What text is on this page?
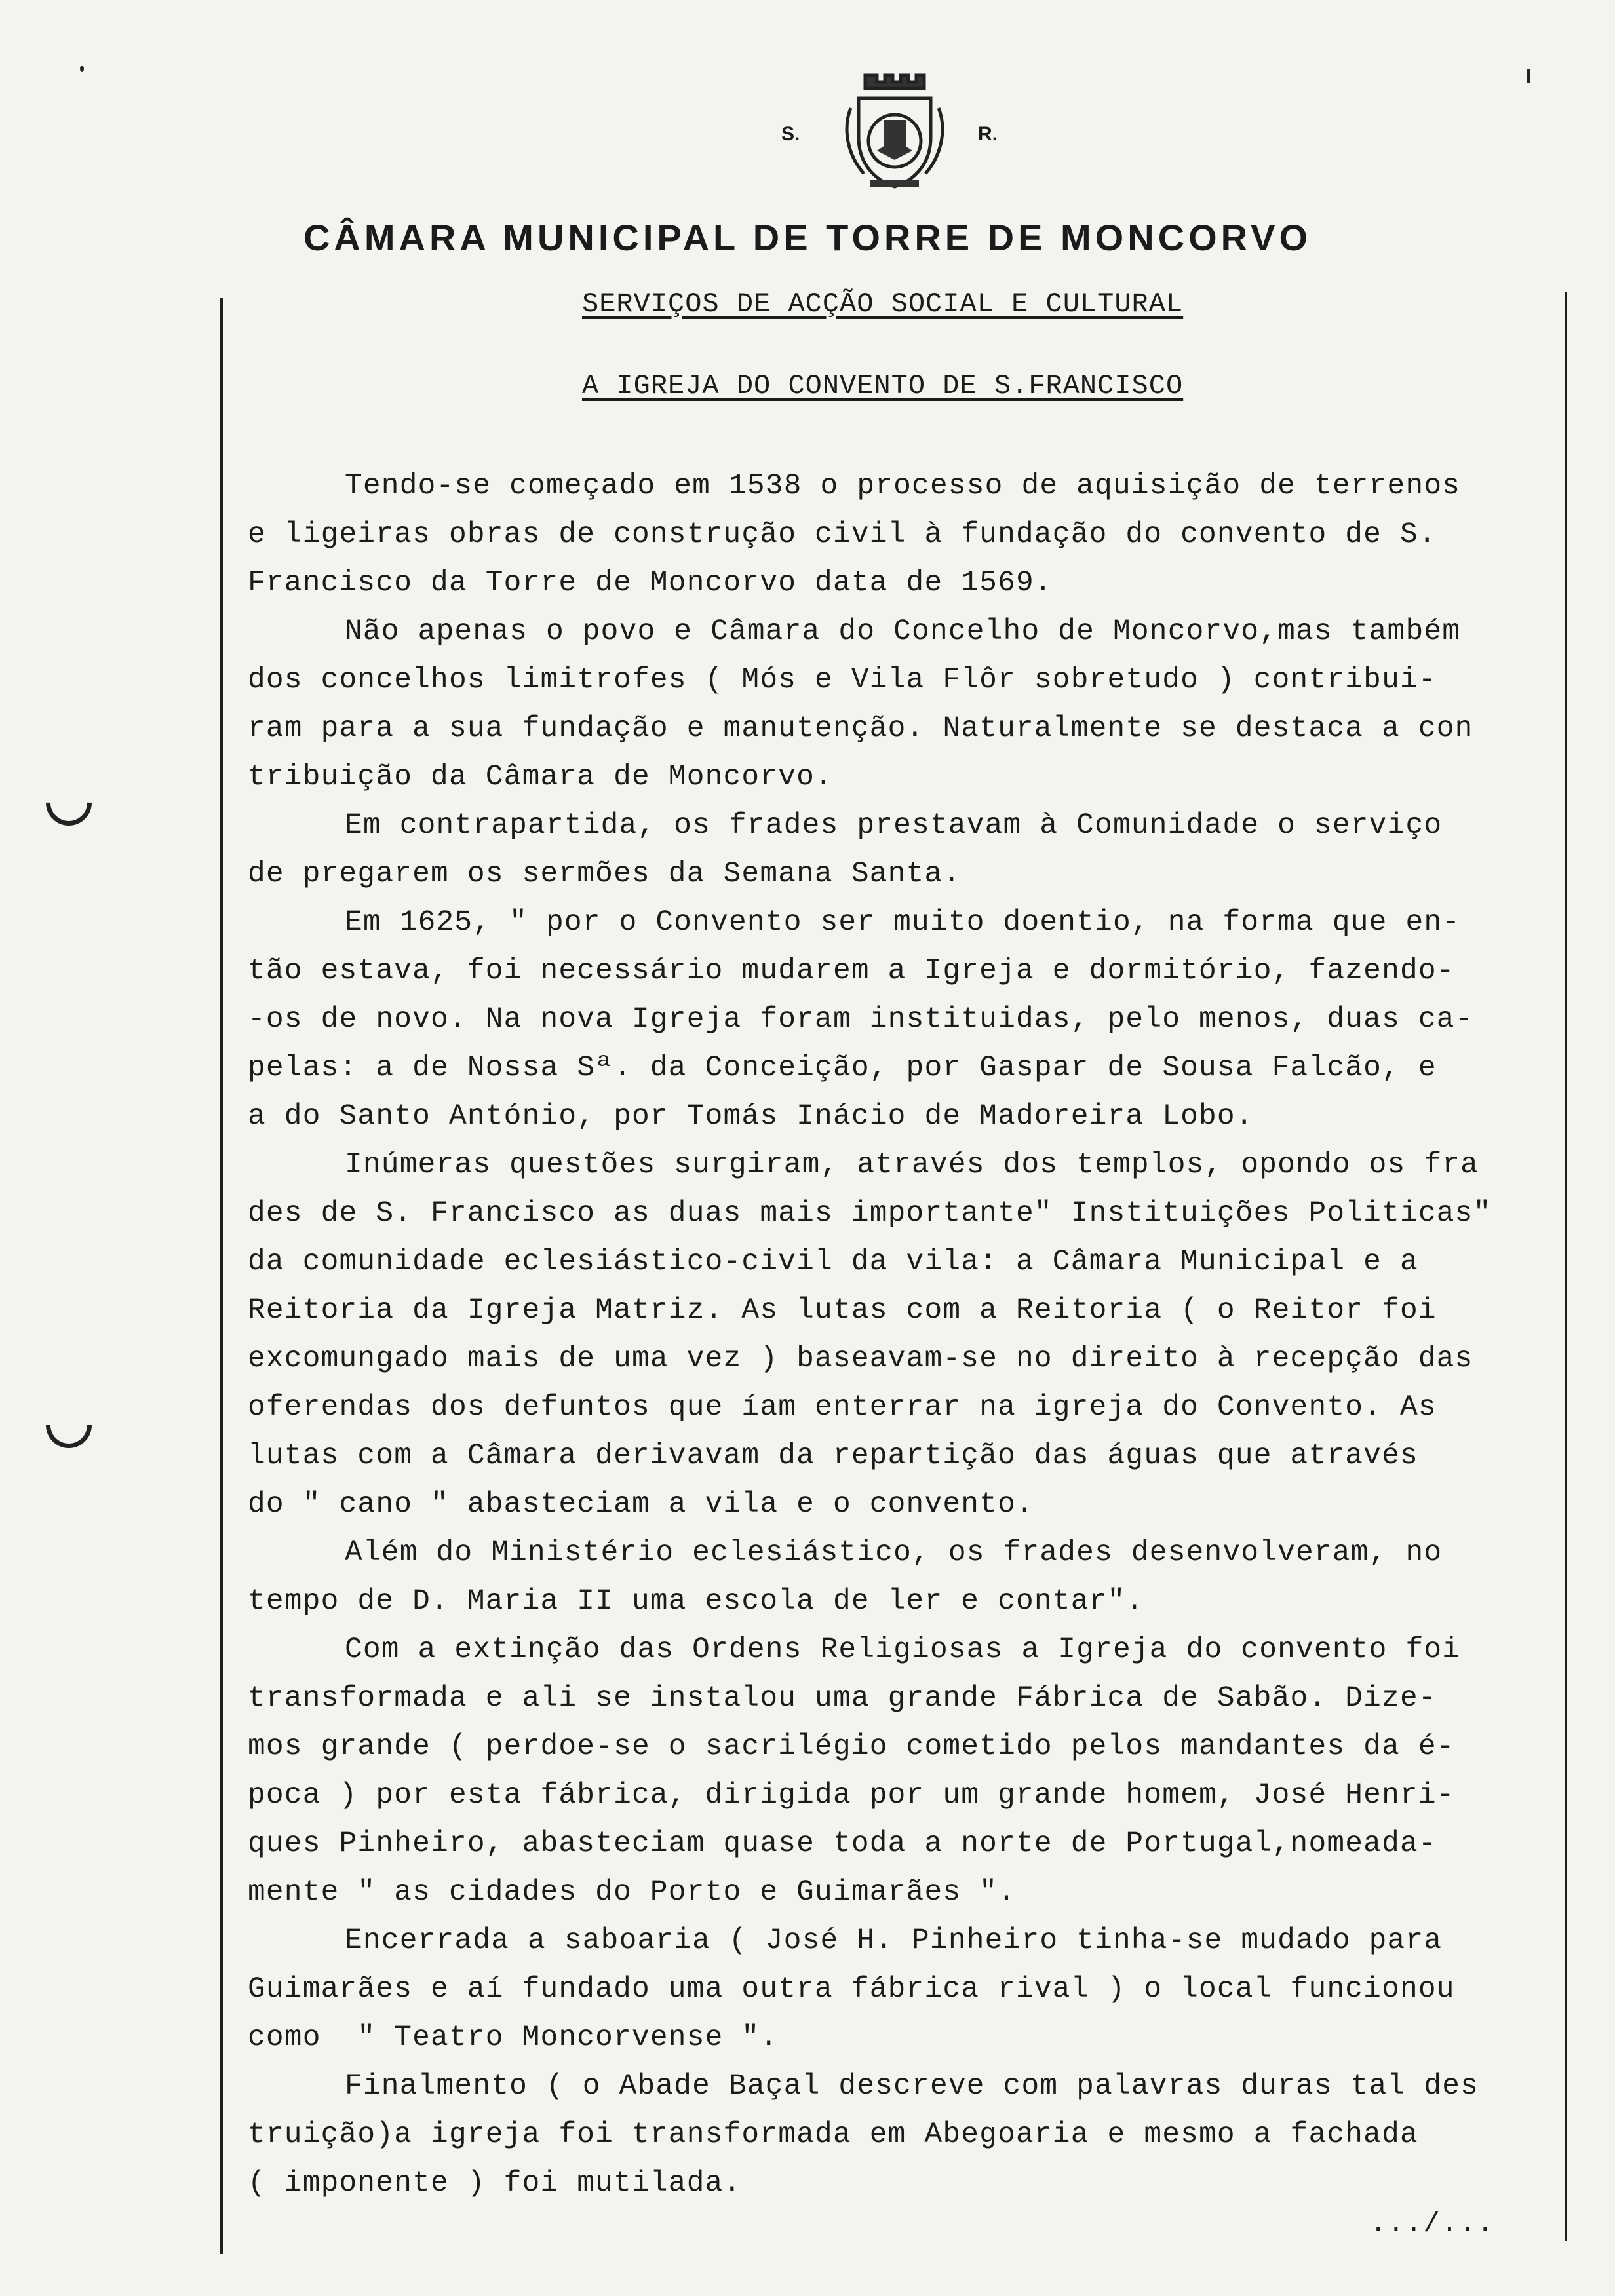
S.	R.
CÂMARA MUNICIPAL DE TORRE DE MONCORVO
SERVIÇOS DE ACÇÃO SOCIAL E CULTURAL
A IGREJA DO CONVENTO DE S.FRANCISCO
Tendo-se começado em 1538 o processo de aquisição de terrenos
e ligeiras obras de construção civil à fundação do convento de S.
Francisco da Torre de Moncorvo data de 1569.
Não apenas o povo e Câmara do Concelho de Moncorvo,mas também
dos concelhos limitrofes ( Mós e Vila Flôr sobretudo ) contribui-
ram para a sua fundação e manutenção. Naturalmente se destaca a con
tribuição da Câmara de Moncorvo.
Em contrapartida, os frades prestavam à Comunidade o serviço
de pregarem os sermões da Semana Santa.
Em 1625, " por o Convento ser muito doentio, na forma que en-
tão estava, foi necessário mudarem a Igreja e dormitório, fazendo-
-os de novo. Na nova Igreja foram instituidas, pelo menos, duas ca-
pelas: a de Nossa Sª. da Conceição, por Gaspar de Sousa Falcão, e
a do Santo António, por Tomás Inácio de Madoreira Lobo.
Inúmeras questões surgiram, através dos templos, opondo os fra
des de S. Francisco as duas mais importante" Instituições Politicas"
da comunidade eclesiástico-civil da vila: a Câmara Municipal e a
Reitoria da Igreja Matriz. As lutas com a Reitoria ( o Reitor foi
excomungado mais de uma vez ) baseavam-se no direito à recepção das
oferendas dos defuntos que íam enterrar na igreja do Convento. As
lutas com a Câmara derivavam da repartição das águas que através
do " cano " abasteciam a vila e o convento.
Além do Ministério eclesiástico, os frades desenvolveram, no
tempo de D. Maria II uma escola de ler e contar".
Com a extinção das Ordens Religiosas a Igreja do convento foi
transformada e ali se instalou uma grande Fábrica de Sabão. Dize-
mos grande ( perdoe-se o sacrilégio cometido pelos mandantes da é-
poca ) por esta fábrica, dirigida por um grande homem, José Henri-
ques Pinheiro, abasteciam quase toda a norte de Portugal,nomeada-
mente " as cidades do Porto e Guimarães ".
Encerrada a saboaria ( José H. Pinheiro tinha-se mudado para
Guimarães e aí fundado uma outra fábrica rival ) o local funcionou
como  " Teatro Moncorvense ".
Finalmento ( o Abade Baçal descreve com palavras duras tal des
truição)a igreja foi transformada em Abegoaria e mesmo a fachada
( imponente ) foi mutilada.
.../...
